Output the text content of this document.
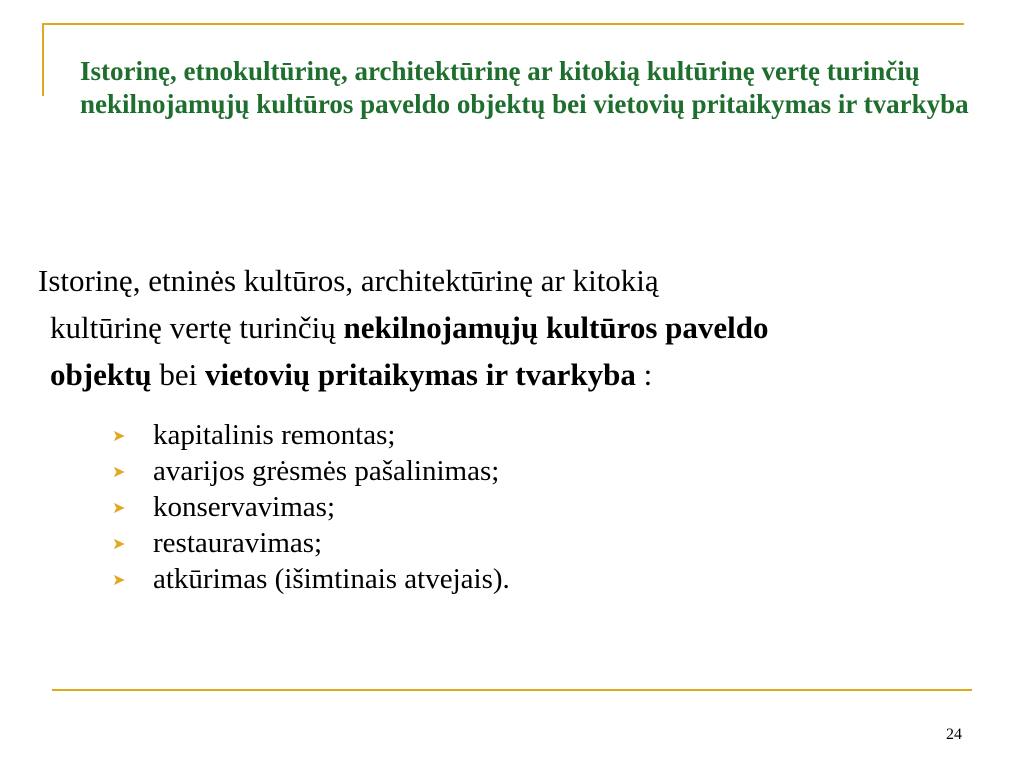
Istorinę, etnokultūrinę, architektūrinę ar kitokią kultūrinę vertę turinčių nekilnojamųjų kultūros paveldo objektų bei vietovių pritaikymas ir tvarkyba
Istorinę, etninės kultūros, architektūrinę ar kitokią
kultūrinę vertę turinčių nekilnojamųjų kultūros paveldo
objektų bei vietovių pritaikymas ir tvarkyba :
➤ kapitalinis remontas;
➤ avarijos grėsmės pašalinimas;
➤ konservavimas;
➤ restauravimas;
➤ atkūrimas (išimtinais atvejais).
24
